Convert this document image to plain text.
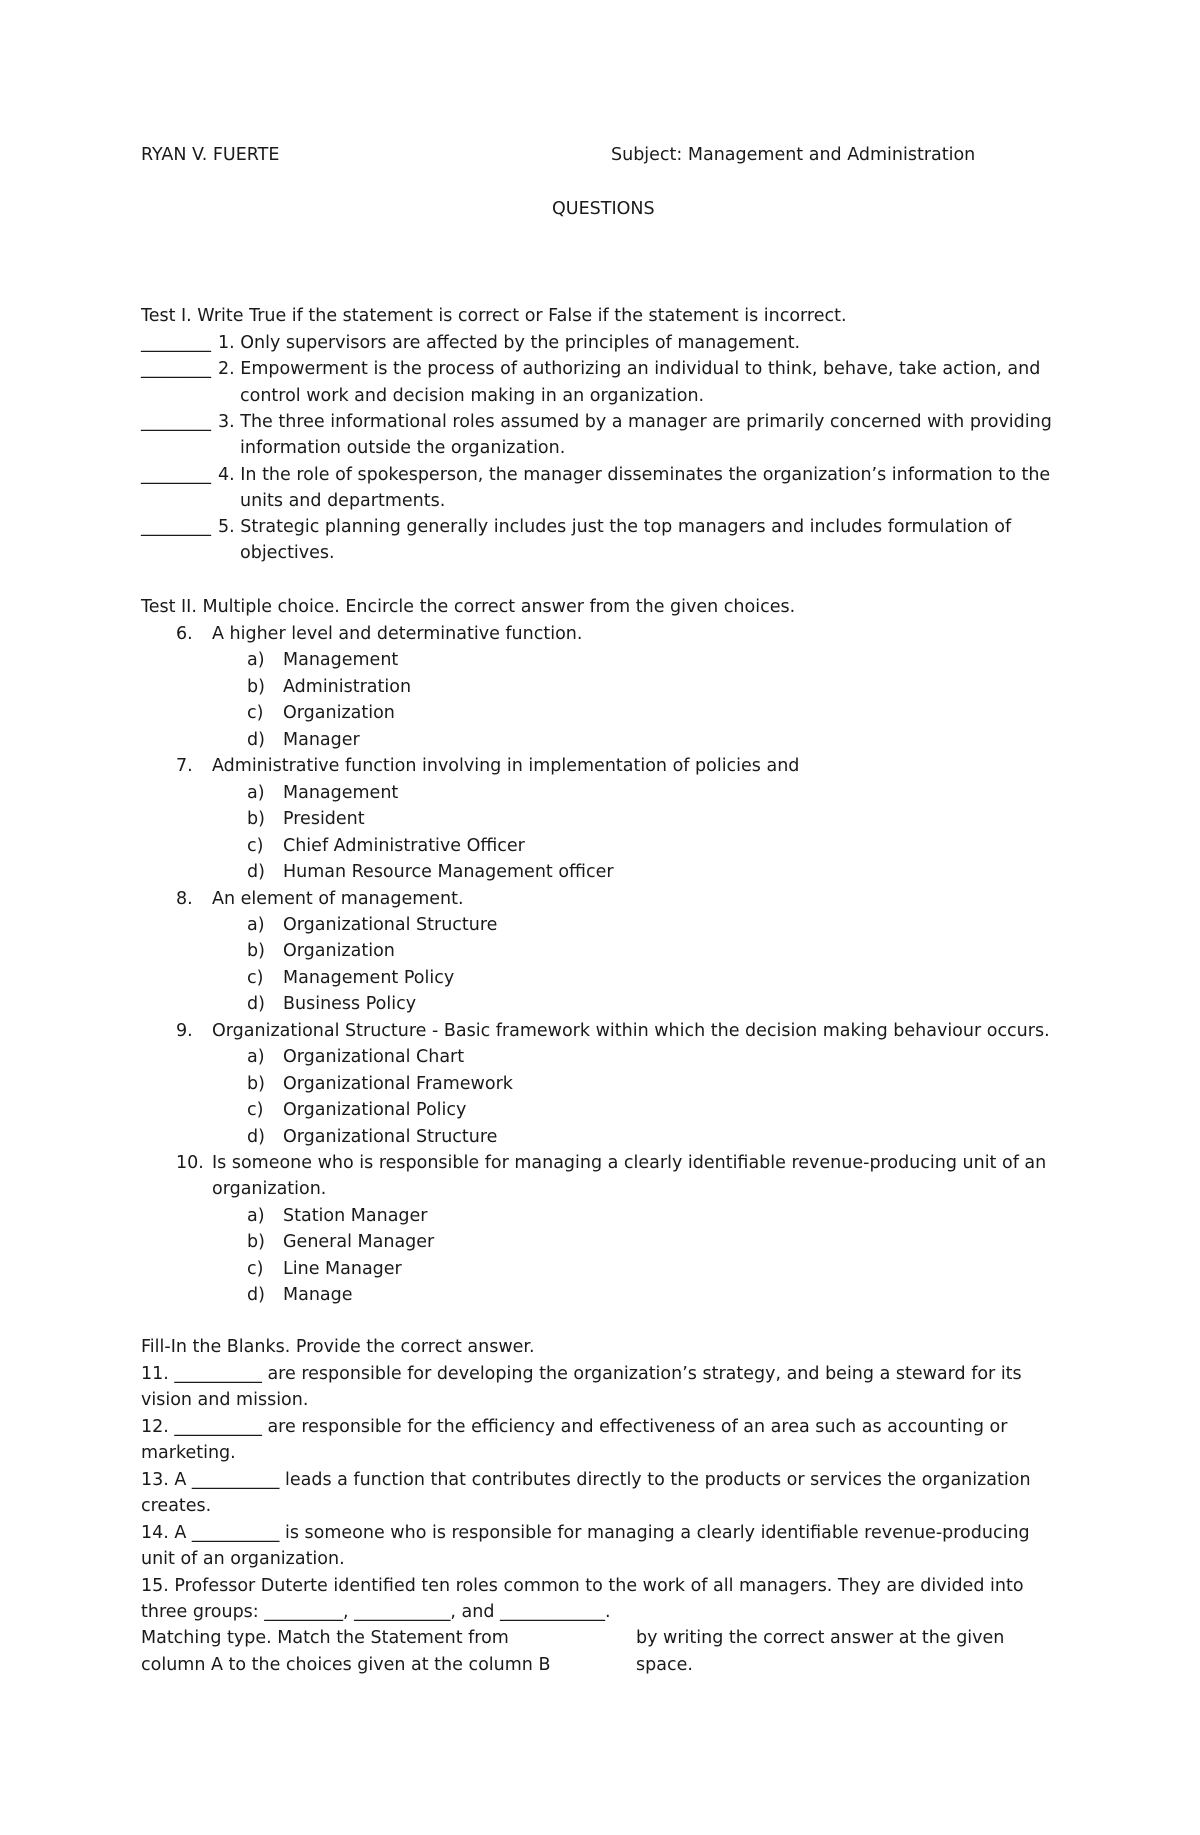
RYAN V. FUERTE	Subject: Management and Administration
QUESTIONS
Test I. Write True if the statement is correct or False if the statement is incorrect.
________ 1. Only supervisors are affected by the principles of management.
________ 2. Empowerment is the process of authorizing an individual to think, behave, take action, and
control work and decision making in an organization.
________ 3. The three informational roles assumed by a manager are primarily concerned with providing
information outside the organization.
________ 4. In the role of spokesperson, the manager disseminates the organization’s information to the
units and departments.
________ 5. Strategic planning generally includes just the top managers and includes formulation of
objectives.
Test II. Multiple choice. Encircle the correct answer from the given choices.
6. A higher level and determinative function.
a) Management
b) Administration
c) Organization
d) Manager
7. Administrative function involving in implementation of policies and
a) Management
b) President
c) Chief Administrative Officer
d) Human Resource Management officer
8. An element of management.
a) Organizational Structure
b) Organization
c) Management Policy
d) Business Policy
9. Organizational Structure - Basic framework within which the decision making behaviour occurs.
a) Organizational Chart
b) Organizational Framework
c) Organizational Policy
d) Organizational Structure
10. Is someone who is responsible for managing a clearly identifiable revenue-producing unit of an
organization.
a) Station Manager
b) General Manager
c) Line Manager
d) Manage
Fill-In the Blanks. Provide the correct answer.
11. __________ are responsible for developing the organization’s strategy, and being a steward for its
vision and mission.
12. __________ are responsible for the efficiency and effectiveness of an area such as accounting or
marketing.
13. A __________ leads a function that contributes directly to the products or services the organization
creates.
14. A __________ is someone who is responsible for managing a clearly identifiable revenue-producing
unit of an organization.
15. Professor Duterte identified ten roles common to the work of all managers. They are divided into
three groups: _________, ___________, and ____________.
Matching type. Match the Statement from
column A to the choices given at the column B
by writing the correct answer at the given
space.
